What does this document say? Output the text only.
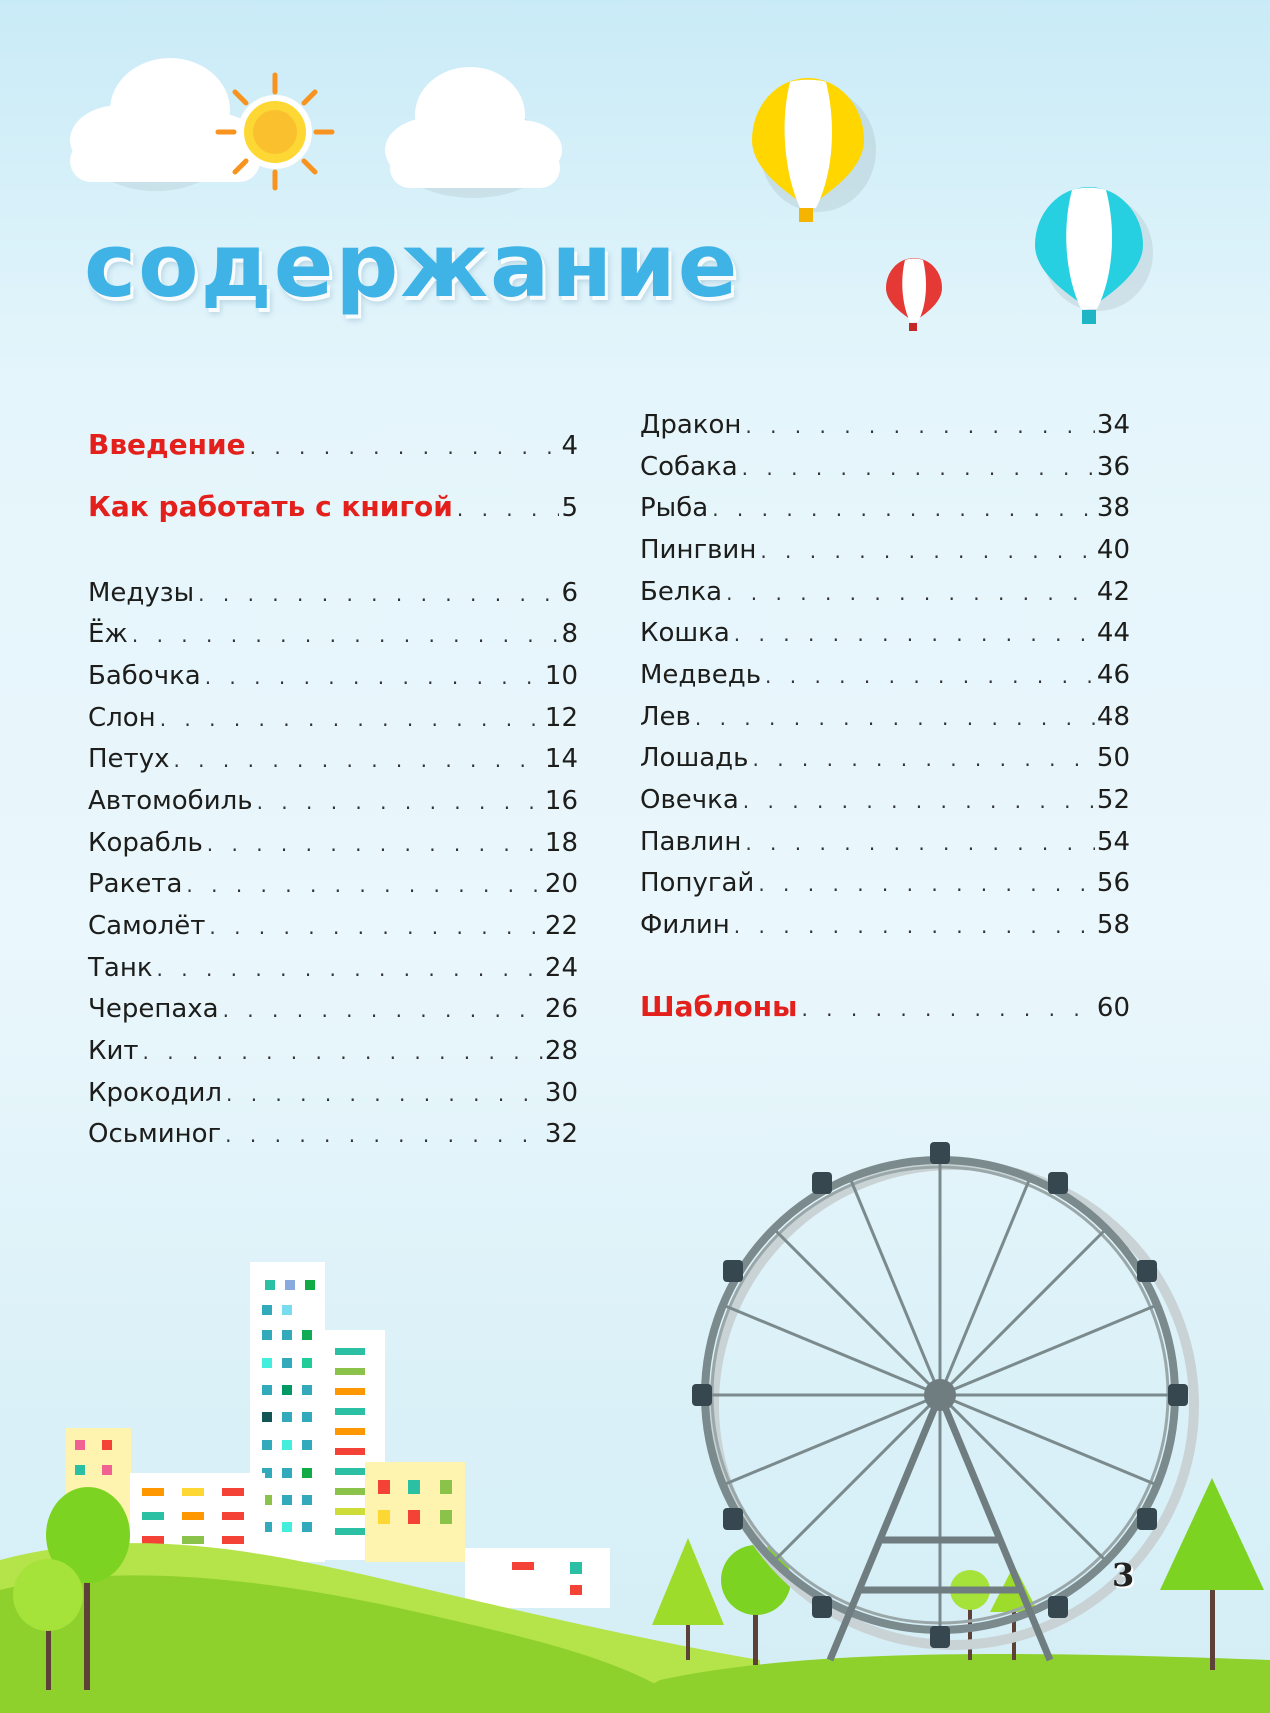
содержание
Введение . . .	4
Как работать с книгой . . .	5
Медузы . . .	6
Ёж . . .	8
Бабочка . . .	10
Слон . . .	12
Петух . . .	14
Автомобиль . . .	16
Корабль . . .	18
Ракета . . .	20
Самолёт . . .	22
Танк . . .	24
Черепаха . . .	26
Кит . . .	28
Крокодил . . .	30
Осьминог . . .	32
Дракон . . .	34
Собака . . .	36
Рыба . . .	38
Пингвин . . .	40
Белка . . .	42
Кошка . . .	44
Медведь . . .	46
Лев . . .	48
Лошадь . . .	50
Овечка . . .	52
Павлин . . .	54
Попугай . . .	56
Филин . . .	58
Шаблоны . . .	60
3
